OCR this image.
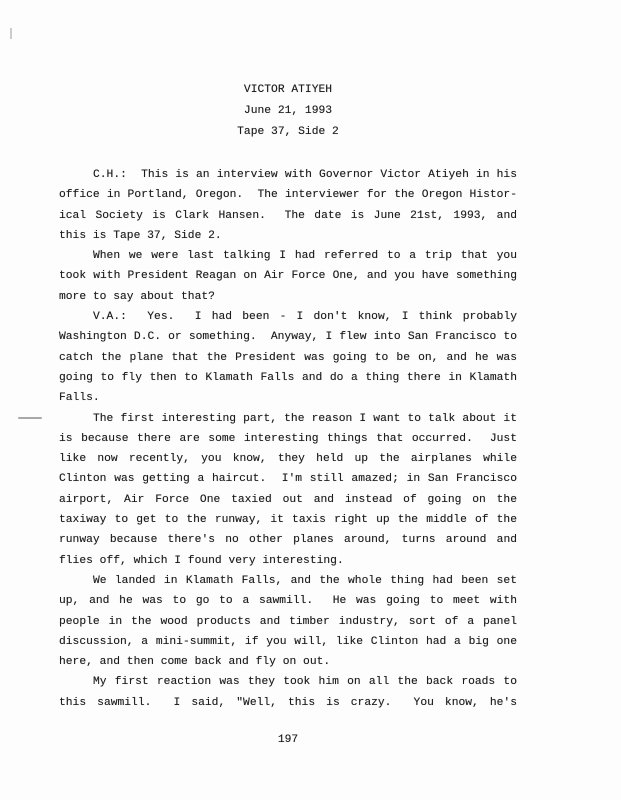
VICTOR ATIYEH
June 21, 1993
Tape 37, Side 2
C.H.:  This is an interview with Governor Victor Atiyeh in his
office in Portland, Oregon.  The interviewer for the Oregon Histor-
ical Society is Clark Hansen.  The date is June 21st, 1993, and
this is Tape 37, Side 2.
When we were last talking I had referred to a trip that you
took with President Reagan on Air Force One, and you have something
more to say about that?
V.A.:  Yes.  I had been - I don't know, I think probably
Washington D.C. or something.  Anyway, I flew into San Francisco to
catch the plane that the President was going to be on, and he was
going to fly then to Klamath Falls and do a thing there in Klamath
Falls.
The first interesting part, the reason I want to talk about it
is because there are some interesting things that occurred.  Just
like now recently, you know, they held up the airplanes while
Clinton was getting a haircut.  I'm still amazed; in San Francisco
airport, Air Force One taxied out and instead of going on the
taxiway to get to the runway, it taxis right up the middle of the
runway because there's no other planes around, turns around and
flies off, which I found very interesting.
We landed in Klamath Falls, and the whole thing had been set
up, and he was to go to a sawmill.  He was going to meet with
people in the wood products and timber industry, sort of a panel
discussion, a mini-summit, if you will, like Clinton had a big one
here, and then come back and fly on out.
My first reaction was they took him on all the back roads to
this sawmill.  I said, "Well, this is crazy.  You know, he's
197
